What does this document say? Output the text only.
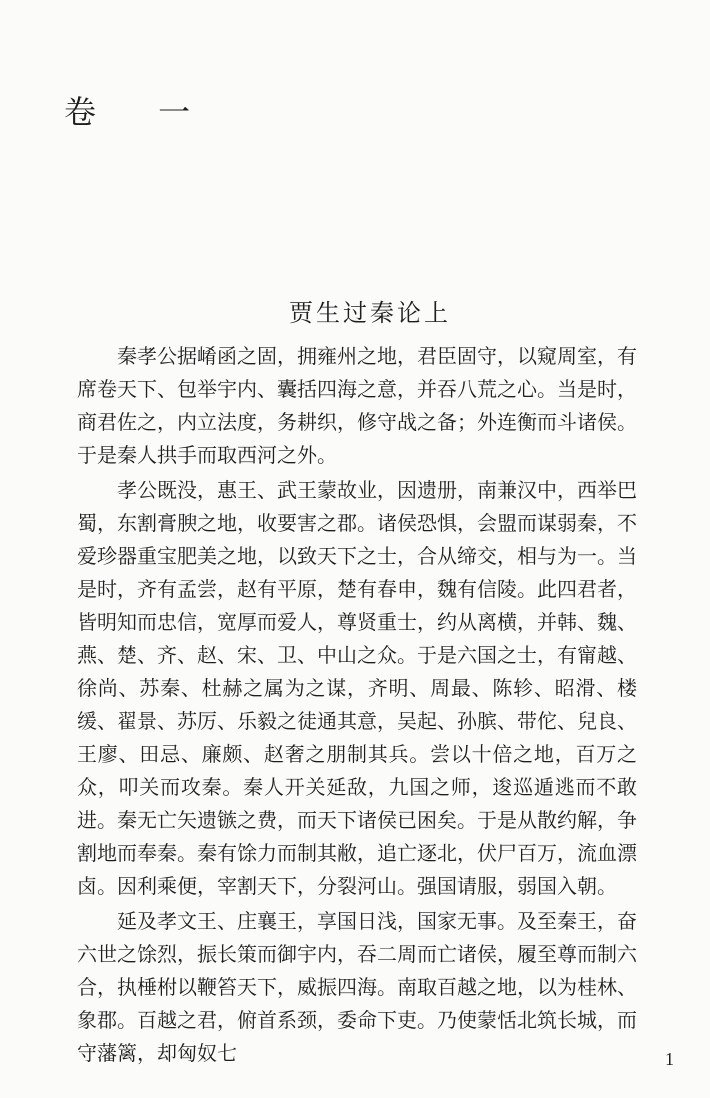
卷 一
贾生过秦论上

秦孝公据崤函之固，拥雍州之地，君臣固守，以窥周室，有席卷天下、包举宇内、囊括四海之意，并吞八荒之心。当是时，商君佐之，内立法度，务耕织，修守战之备；外连衡而斗诸侯。于是秦人拱手而取西河之外。

孝公既没，惠王、武王蒙故业，因遗册，南兼汉中，西举巴蜀，东割膏腴之地，收要害之郡。诸侯恐惧，会盟而谋弱秦，不爱珍器重宝肥美之地，以致天下之士，合从缔交，相与为一。当是时，齐有孟尝，赵有平原，楚有春申，魏有信陵。此四君者，皆明知而忠信，宽厚而爱人，尊贤重士，约从离横，并韩、魏、燕、楚、齐、赵、宋、卫、中山之众。于是六国之士，有甯越、徐尚、苏秦、杜赫之属为之谋，齐明、周最、陈轸、昭滑、楼缓、翟景、苏厉、乐毅之徒通其意，吴起、孙膑、带佗、兒良、王廖、田忌、廉颇、赵奢之朋制其兵。尝以十倍之地，百万之众，叩关而攻秦。秦人开关延敌，九国之师，逡巡遁逃而不敢进。秦无亡矢遗镞之费，而天下诸侯已困矣。于是从散约解，争割地而奉秦。秦有馀力而制其敝，追亡逐北，伏尸百万，流血漂卤。因利乘便，宰割天下，分裂河山。强国请服，弱国入朝。

延及孝文王、庄襄王，享国日浅，国家无事。及至秦王，奋六世之馀烈，振长策而御宇内，吞二周而亡诸侯，履至尊而制六合，执棰柎以鞭笞天下，威振四海。南取百越之地，以为桂林、象郡。百越之君，俯首系颈，委命下吏。乃使蒙恬北筑长城，而守藩篱，却匈奴七	1
